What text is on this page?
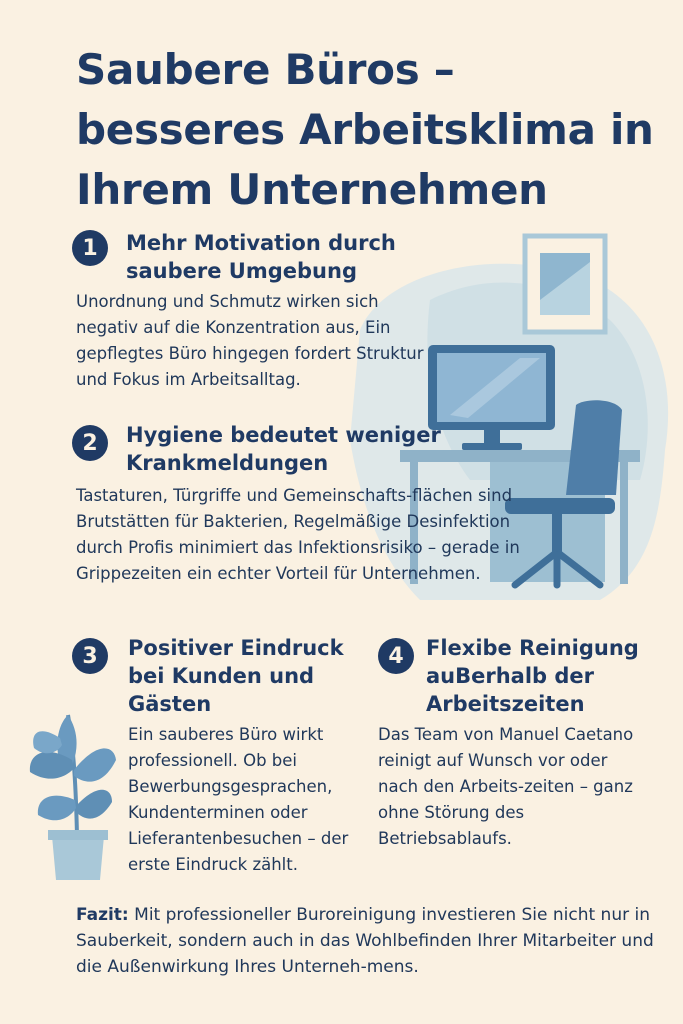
Saubere Büros – besseres Arbeitsklima in Ihrem Unternehmen
1	Mehr Motivation durch saubere Umgebung
Unordnung und Schmutz wirken sich negativ auf die Konzentration aus, Ein gepflegtes Büro hingegen fordert Struktur und Fokus im Arbeitsalltag.
2	Hygiene bedeutet weniger Krankmeldungen
Tastaturen, Türgriffe und Gemeinschafts-flächen sind Brutstätten für Bakterien, Regelmäßige Desinfektion durch Profis minimiert das Infektionsrisiko – gerade in Grippezeiten ein echter Vorteil für Unternehmen.
3	Positiver Eindruck bei Kunden und Gästen
Ein sauberes Büro wirkt professionell. Ob bei Bewerbungsgesprachen, Kundenterminen oder Lieferantenbesuchen – der erste Eindruck zählt.
4	Flexibe Reinigung auBerhalb der Arbeitszeiten
Das Team von Manuel Caetano reinigt auf Wunsch vor oder nach den Arbeits-zeiten – ganz ohne Störung des Betriebsablaufs.
Fazit: Mit professioneller Buroreinigung investieren Sie nicht nur in Sauberkeit, sondern auch in das Wohlbefinden Ihrer Mitarbeiter und die Außenwirkung Ihres Unterneh-mens.
